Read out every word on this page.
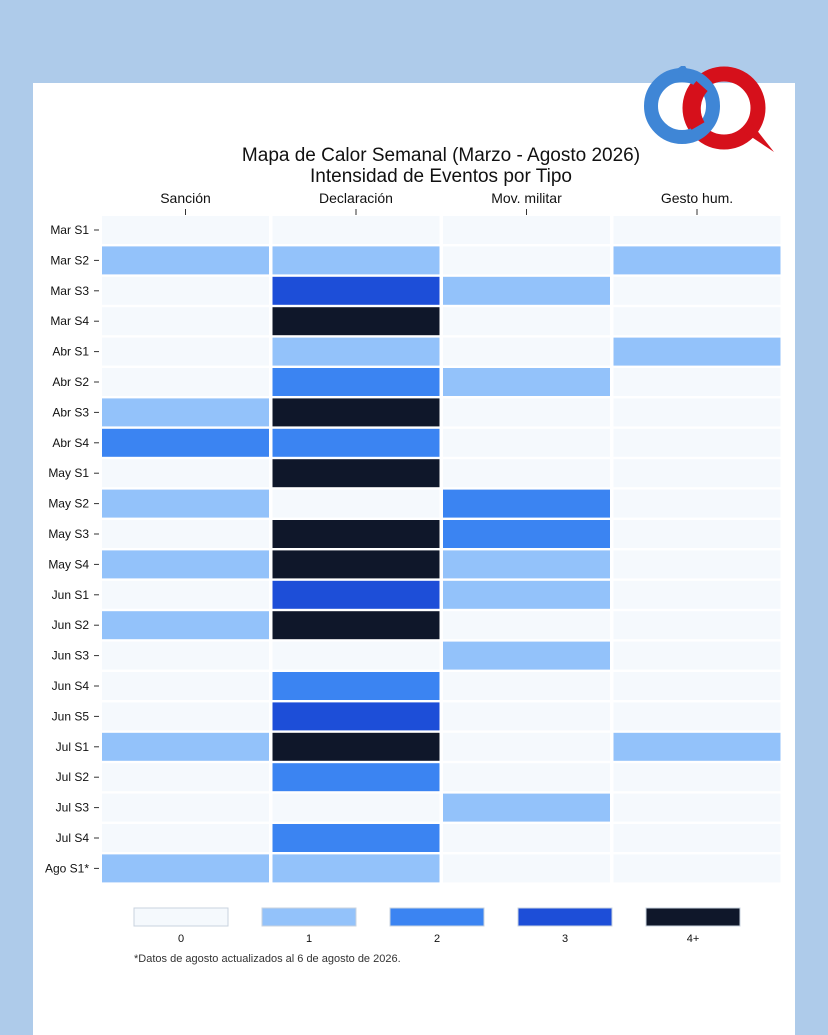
Mapa de Calor Semanal (Marzo - Agosto 2026)
Intensidad de Eventos por Tipo
Sanción	Declaración	Mov. militar	Gesto hum.
Mar S1
Mar S2
Mar S3
Mar S4
Abr S1
Abr S2
Abr S3
Abr S4
May S1
May S2
May S3
May S4
Jun S1
Jun S2
Jun S3
Jun S4
Jun S5
Jul S1
Jul S2
Jul S3
Jul S4
Ago S1*
0	1	2	3	4+
*Datos de agosto actualizados al 6 de agosto de 2026.
